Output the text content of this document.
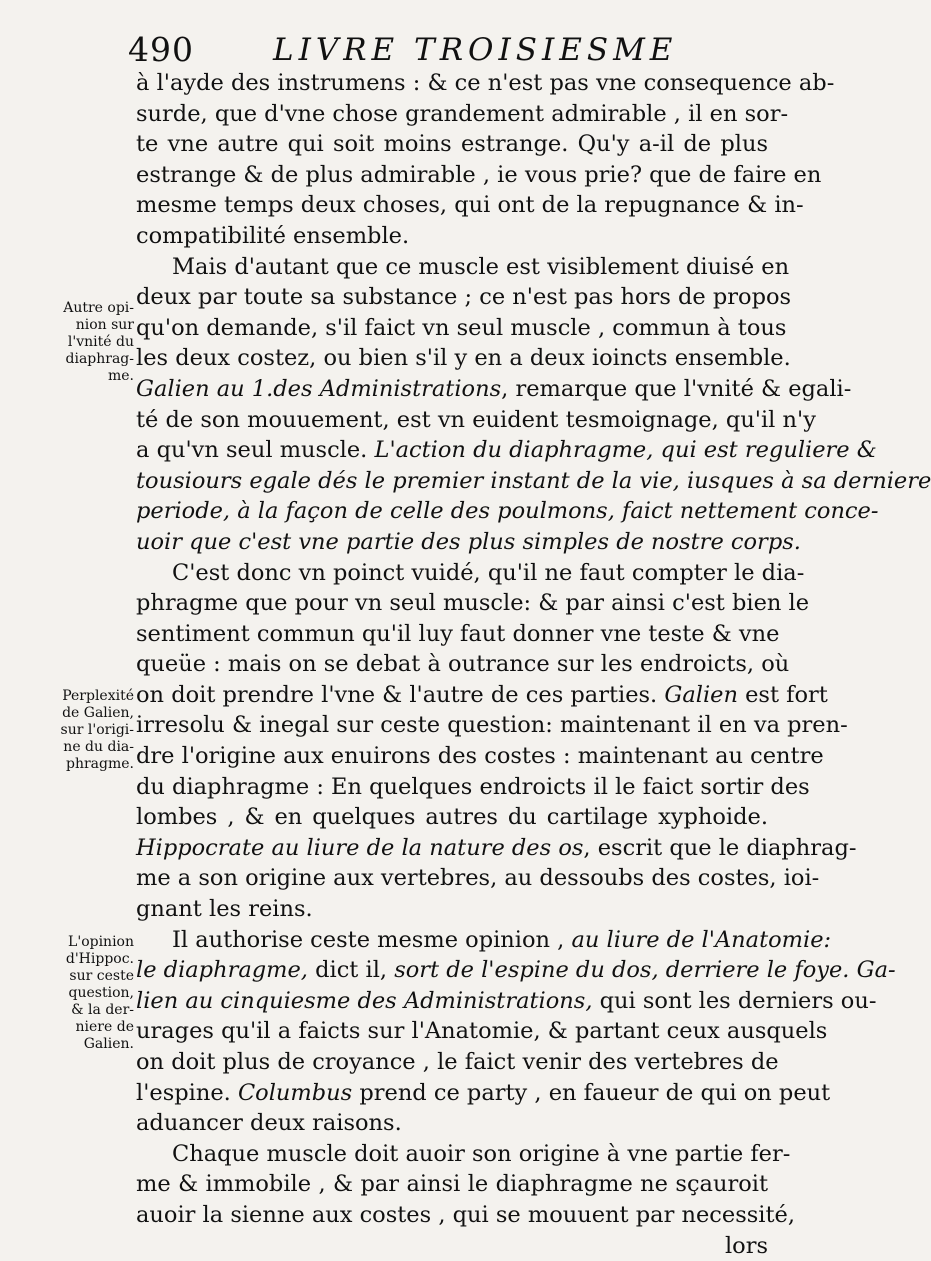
490	LIVRE TROISIESME
à l'ayde des instrumens : & ce n'est pas vne consequence ab-
surde, que d'vne chose grandement admirable , il en sor-
te vne autre qui soit moins estrange. Qu'y a-il de plus
estrange & de plus admirable , ie vous prie? que de faire en
mesme temps deux choses, qui ont de la repugnance & in-
compatibilité ensemble.
Mais d'autant que ce muscle est visiblement diuisé en
deux par toute sa substance ; ce n'est pas hors de propos
qu'on demande, s'il faict vn seul muscle , commun à tous
les deux costez, ou bien s'il y en a deux ioincts ensemble.
Galien au 1.des Administrations, remarque que l'vnité & egali-
té de son mouuement, est vn euident tesmoignage, qu'il n'y
a qu'vn seul muscle. L'action du diaphragme, qui est reguliere &
tousiours egale dés le premier instant de la vie, iusques à sa derniere
periode, à la façon de celle des poulmons, faict nettement conce-
uoir que c'est vne partie des plus simples de nostre corps.
C'est donc vn poinct vuidé, qu'il ne faut compter le dia-
phragme que pour vn seul muscle: & par ainsi c'est bien le
sentiment commun qu'il luy faut donner vne teste & vne
queüe : mais on se debat à outrance sur les endroicts, où
on doit prendre l'vne & l'autre de ces parties. Galien est fort
irresolu & inegal sur ceste question: maintenant il en va pren-
dre l'origine aux enuirons des costes : maintenant au centre
du diaphragme : En quelques endroicts il le faict sortir des
lombes , & en quelques autres du cartilage xyphoide.
Hippocrate au liure de la nature des os, escrit que le diaphrag-
me a son origine aux vertebres, au dessoubs des costes, ioi-
gnant les reins.
Il authorise ceste mesme opinion , au liure de l'Anatomie:
le diaphragme, dict il, sort de l'espine du dos, derriere le foye. Ga-
lien au cinquiesme des Administrations, qui sont les derniers ou-
urages qu'il a faicts sur l'Anatomie, & partant ceux ausquels
on doit plus de croyance , le faict venir des vertebres de
l'espine. Columbus prend ce party , en faueur de qui on peut
aduancer deux raisons.
Chaque muscle doit auoir son origine à vne partie fer-
me & immobile , & par ainsi le diaphragme ne sçauroit
auoir la sienne aux costes , qui se mouuent par necessité,
lors
Autre opi-
nion sur
l'vnité du
diaphrag-
me.
Perplexité
de Galien,
sur l'origi-
ne du dia-
phragme.
L'opinion
d'Hippoc.
sur ceste
question,
& la der-
niere de
Galien.
